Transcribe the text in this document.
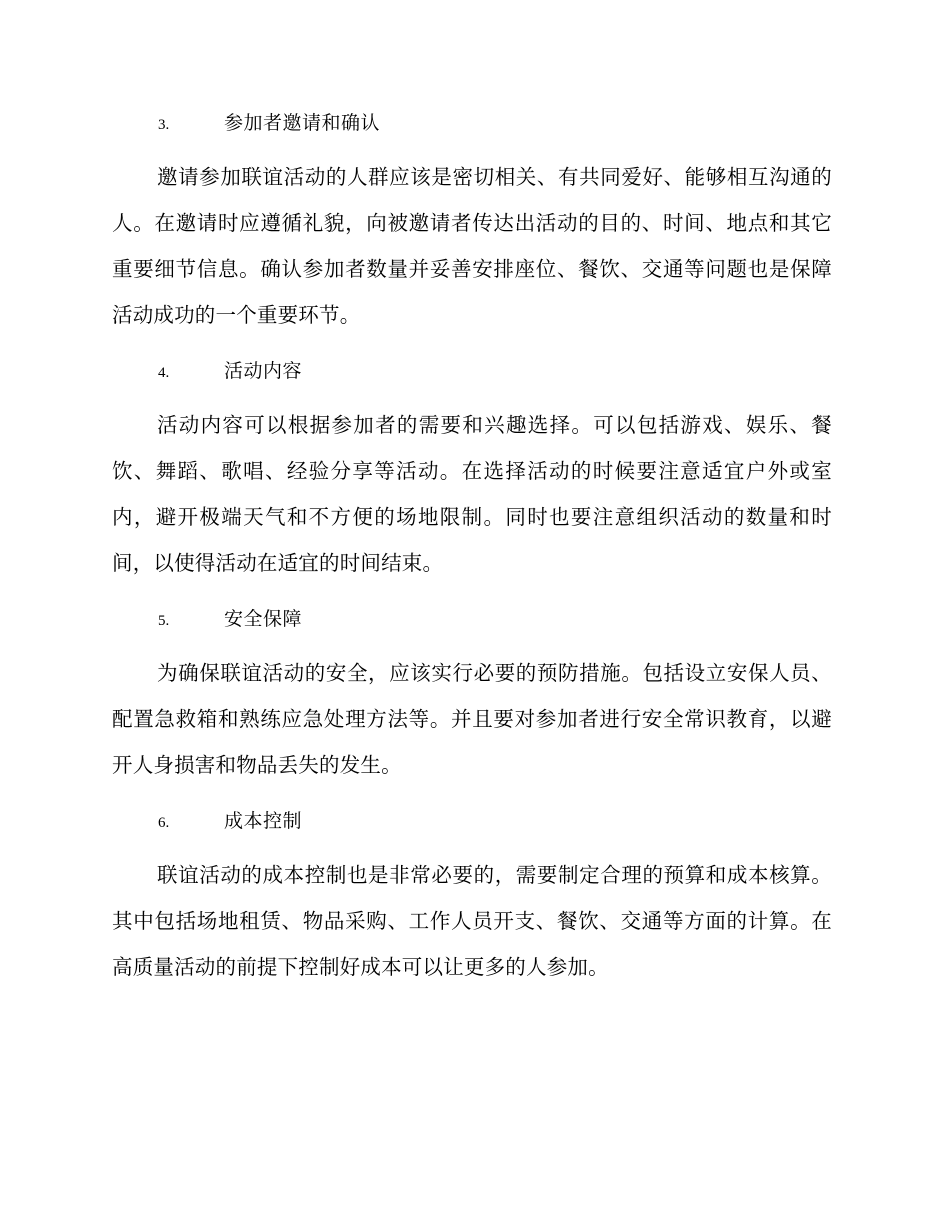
3.	参加者邀请和确认

邀请参加联谊活动的人群应该是密切相关、有共同爱好、能够相互沟通的人。在邀请时应遵循礼貌，向被邀请者传达出活动的目的、时间、地点和其它重要细节信息。确认参加者数量并妥善安排座位、餐饮、交通等问题也是保障活动成功的一个重要环节。

4.	活动内容

活动内容可以根据参加者的需要和兴趣选择。可以包括游戏、娱乐、餐饮、舞蹈、歌唱、经验分享等活动。在选择活动的时候要注意适宜户外或室内，避开极端天气和不方便的场地限制。同时也要注意组织活动的数量和时间，以使得活动在适宜的时间结束。

5.	安全保障

为确保联谊活动的安全，应该实行必要的预防措施。包括设立安保人员、配置急救箱和熟练应急处理方法等。并且要对参加者进行安全常识教育，以避开人身损害和物品丢失的发生。

6.	成本控制

联谊活动的成本控制也是非常必要的，需要制定合理的预算和成本核算。其中包括场地租赁、物品采购、工作人员开支、餐饮、交通等方面的计算。在高质量活动的前提下控制好成本可以让更多的人参加。
